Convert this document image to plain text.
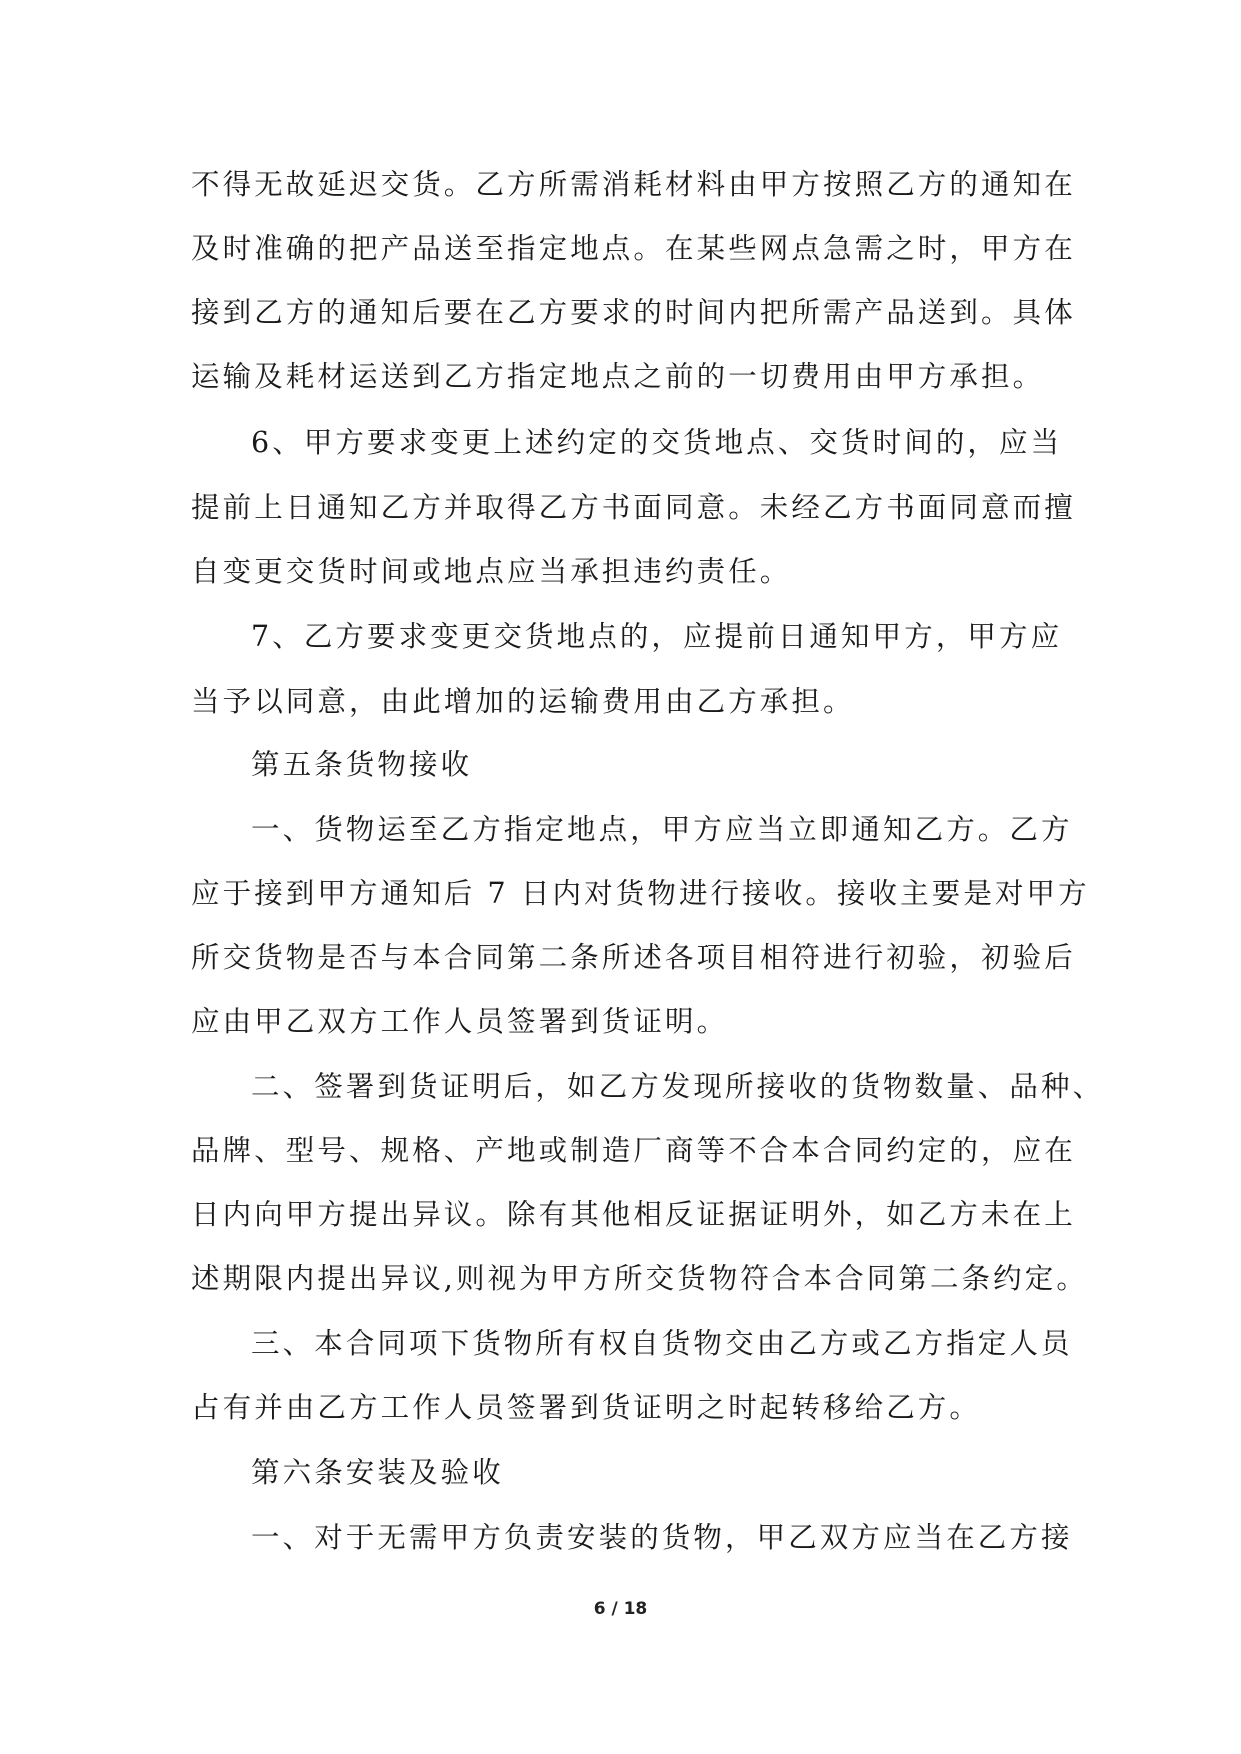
不得无故延迟交货。乙方所需消耗材料由甲方按照乙方的通知在
及时准确的把产品送至指定地点。在某些网点急需之时，甲方在
接到乙方的通知后要在乙方要求的时间内把所需产品送到。具体
运输及耗材运送到乙方指定地点之前的一切费用由甲方承担。
6、甲方要求变更上述约定的交货地点、交货时间的，应当
提前上日通知乙方并取得乙方书面同意。未经乙方书面同意而擅
自变更交货时间或地点应当承担违约责任。
7、乙方要求变更交货地点的，应提前日通知甲方，甲方应
当予以同意，由此增加的运输费用由乙方承担。
第五条货物接收
一、货物运至乙方指定地点，甲方应当立即通知乙方。乙方
应于接到甲方通知后 7 日内对货物进行接收。接收主要是对甲方
所交货物是否与本合同第二条所述各项目相符进行初验，初验后
应由甲乙双方工作人员签署到货证明。
二、签署到货证明后，如乙方发现所接收的货物数量、品种、
品牌、型号、规格、产地或制造厂商等不合本合同约定的，应在
日内向甲方提出异议。除有其他相反证据证明外，如乙方未在上
述期限内提出异议,则视为甲方所交货物符合本合同第二条约定。
三、本合同项下货物所有权自货物交由乙方或乙方指定人员
占有并由乙方工作人员签署到货证明之时起转移给乙方。
第六条安装及验收
一、对于无需甲方负责安装的货物，甲乙双方应当在乙方接
6 / 18
